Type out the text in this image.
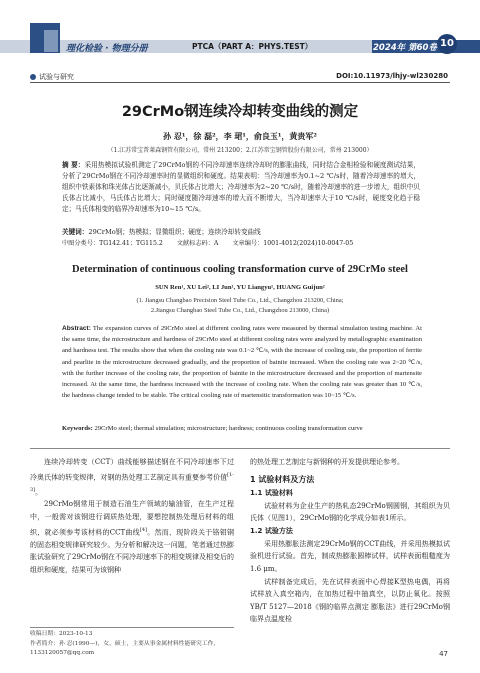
理化检验 · 物理分册	PTCA（PART A：PHYS.TEST）	2024年 第60卷 10
试验与研究	DOI:10.11973/lhjy-wl230280
29CrMo钢连续冷却转变曲线的测定
孙 忍¹，徐 磊²，李 珺¹，俞良玉¹，黄贵军²
（1.江苏常宝普莱森钢管有限公司，常州 213200；2.江苏常宝钢管股份有限公司，常州 213000）
摘 要：采用热模拟试验机测定了29CrMo钢的不同冷却速率连续冷却时的膨胀曲线，同时结合金相检验和硬度测试结果，分析了29CrMo钢在不同冷却速率时的显微组织和硬度。结果表明：当冷却速率为0.1~2 ℃/s时，随着冷却速率的增大，组织中铁素体和珠光体占比逐渐减小，贝氏体占比增大；冷却速率为2~20 ℃/s时，随着冷却速率的进一步增大，组织中贝氏体占比减小，马氏体占比增大；同时硬度随冷却速率的增大而不断增大，当冷却速率大于10 ℃/s时，硬度变化趋于稳定；马氏体相变的临界冷却速率为10~15 ℃/s。
关键词：29CrMo钢；热模拟；显微组织；硬度；连续冷却转变曲线
中图分类号：TG142.41；TG115.2 文献标志码：A 文章编号：1001-4012(2024)10-0047-05
Determination of continuous cooling transformation curve of 29CrMo steel
SUN Ren¹, XU Lei², LI Jun¹, YU Liangyu¹, HUANG Guijun²
(1. Jiangsu Changbao Precision Steel Tube Co., Ltd., Changzhou 213200, China;
2.Jiangsu Changbao Steel Tube Co., Ltd., Changzhou 213000, China)
Abstract: The expansion curves of 29CrMo steel at different cooling rates were measured by thermal simulation testing machine. At the same time, the microstructure and hardness of 29CrMo steel at different cooling rates were analyzed by metallographic examination and hardness test. The results show that when the cooling rate was 0.1~2 ℃/s, with the increase of cooling rate, the proportion of ferrite and pearlite in the microstructure decreased gradually, and the proportion of bainite increased. When the cooling rate was 2~20 ℃/s, with the further increase of the cooling rate, the proportion of bainite in the microstructure decreased and the proportion of martensite increased. At the same time, the hardness increased with the increase of cooling rate. When the cooling rate was greater than 10 ℃/s, the hardness change tended to be stable. The critical cooling rate of martensitic transformation was 10~15 ℃/s.
Keywords: 29CrMo steel; thermal simulation; microstructure; hardness; continuous cooling transformation curve

连续冷却转变（CCT）曲线能够描述钢在不同冷却速率下过冷奥氏体的转变规律，对钢的热处理工艺制定具有重要参考价值[1-3]。

29CrMo钢常用于制造石油生产领域的输油管，在生产过程中，一般需对该钢进行调质热处理，要想控制热处理后材料的组织，就必须参考该材料的CCT曲线[4]。然而，现阶段关于铬钼钢的固态相变规律研究较少。为分析和解决这一问题，笔者通过热膨胀试验研究了29CrMo钢在不同冷却速率下的相变规律及相变后的组织和硬度，结果可为该钢种

的热处理工艺制定与新钢种的开发提供理论参考。

1 试验材料及方法
1.1 试验材料

试验材料为企业生产的热轧态29CrMo钢圆钢，其组织为贝氏体（见图1），29CrMo钢的化学成分如表1所示。

1.2 试验方法

采用热膨胀法测定29CrMo钢的CCT曲线，并采用热模拟试验机进行试验。首先，制成热膨胀圆棒试样，试样表面粗糙度为1.6 μm。

试样制备完成后，先在试样表面中心焊接K型热电偶，再将试样放入真空箱内，在加热过程中抽真空，以防止氧化。按照YB/T 5127—2018《钢的临界点测定 膨胀法》进行29CrMo钢临界点温度检

收稿日期：2023-10-13
作者简介：孙 忍(1990—)，女，硕士，主要从事金属材料性能研究工作，1133120057@qq.com	47
